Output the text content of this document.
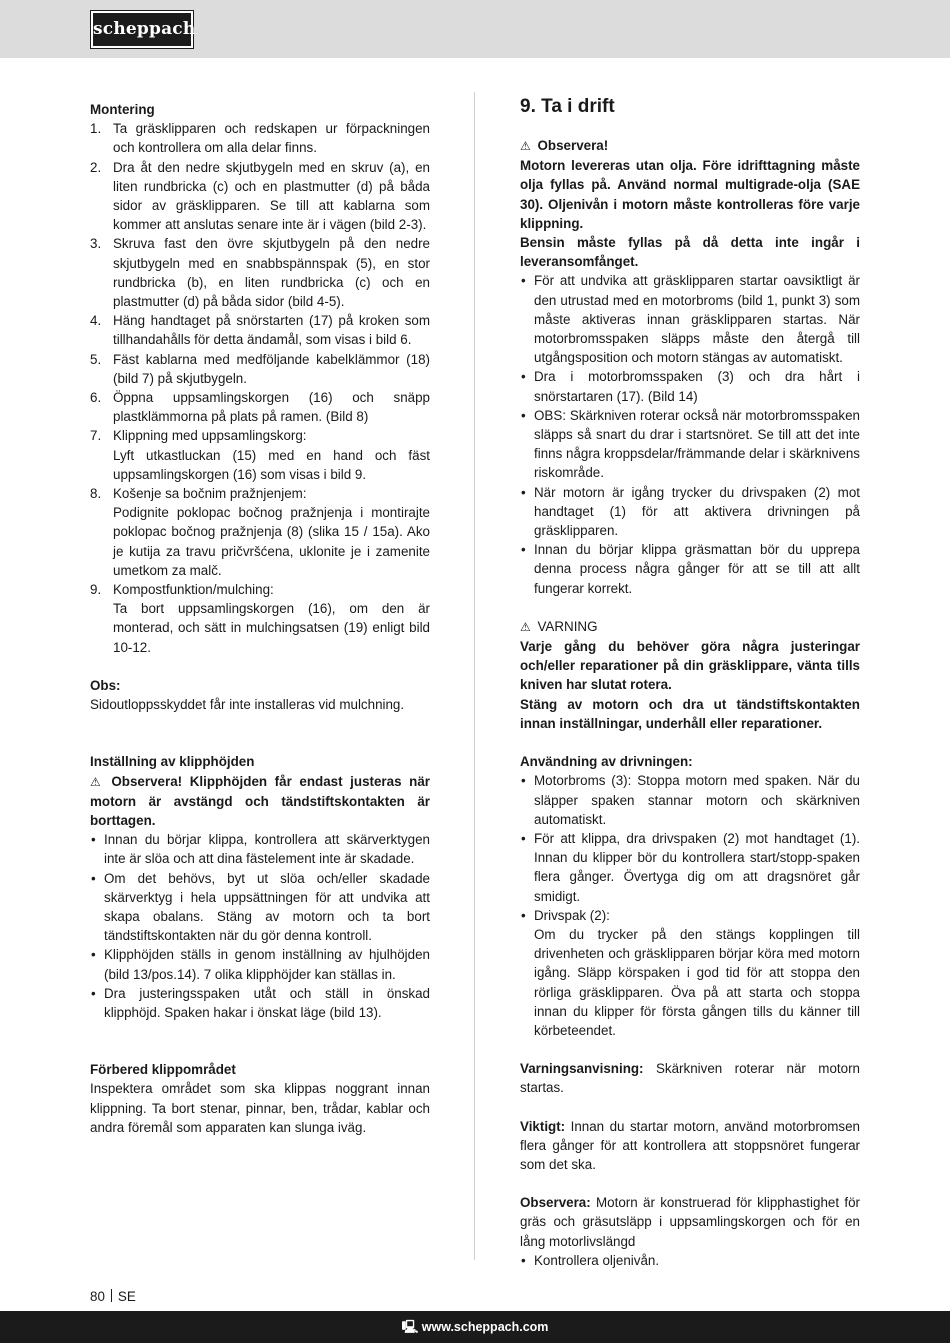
scheppach

Montering

1. Ta gräsklipparen och redskapen ur förpackningen och kontrollera om alla delar finns.
2. Dra åt den nedre skjutbygeln med en skruv (a), en liten rundbricka (c) och en plastmutter (d) på båda sidor av gräsklipparen. Se till att kablarna som kommer att anslutas senare inte är i vägen (bild 2-3).
3. Skruva fast den övre skjutbygeln på den nedre skjutbygeln med en snabbspännspak (5), en stor rundbricka (b), en liten rundbricka (c) och en plastmutter (d) på båda sidor (bild 4-5).
4. Häng handtaget på snörstarten (17) på kroken som tillhandahålls för detta ändamål, som visas i bild 6.
5. Fäst kablarna med medföljande kabelklämmor (18) (bild 7) på skjutbygeln.
6. Öppna uppsamlingskorgen (16) och snäpp plastklämmorna på plats på ramen. (Bild 8)
7. Klippning med uppsamlingskorg:
Lyft utkastluckan (15) med en hand och fäst uppsamlingskorgen (16) som visas i bild 9.
8. Košenje sa bočnim pražnjenjem:
Podignite poklopac bočnog pražnjenja i montirajte poklopac bočnog pražnjenja (8) (slika 15 / 15a). Ako je kutija za travu pričvršćena, uklonite je i zamenite umetkom za malč.
9. Kompostfunktion/mulching:
Ta bort uppsamlingskorgen (16), om den är monterad, och sätt in mulchingsatsen (19) enligt bild 10-12.

Obs:

Sidoutloppsskyddet får inte installeras vid mulchning.

Inställning av klipphöjden

⚠ Observera! Klipphöjden får endast justeras när motorn är avstängd och tändstiftskontakten är borttagen.

• Innan du börjar klippa, kontrollera att skärverktygen inte är slöa och att dina fästelement inte är skadade.
• Om det behövs, byt ut slöa och/eller skadade skärverktyg i hela uppsättningen för att undvika att skapa obalans. Stäng av motorn och ta bort tändstiftskontakten när du gör denna kontroll.
• Klipphöjden ställs in genom inställning av hjulhöjden (bild 13/pos.14). 7 olika klipphöjder kan ställas in.
• Dra justeringsspaken utåt och ställ in önskad klipphöjd. Spaken hakar i önskat läge (bild 13).

Förbered klippområdet

Inspektera området som ska klippas noggrant innan klippning. Ta bort stenar, pinnar, ben, trådar, kablar och andra föremål som apparaten kan slunga iväg.

9. Ta i drift

⚠ Observera!

Motorn levereras utan olja. Före idrifttagning måste olja fyllas på. Använd normal multigrade-olja (SAE 30). Oljenivån i motorn måste kontrolleras före varje klippning.

Bensin måste fyllas på då detta inte ingår i leveransomfånget.

• För att undvika att gräsklipparen startar oavsiktligt är den utrustad med en motorbroms (bild 1, punkt 3) som måste aktiveras innan gräsklipparen startas. När motorbromsspaken släpps måste den återgå till utgångsposition och motorn stängas av automatiskt.
• Dra i motorbromsspaken (3) och dra hårt i snörstartaren (17). (Bild 14)
• OBS: Skärkniven roterar också när motorbromsspaken släpps så snart du drar i startsnöret. Se till att det inte finns några kroppsdelar/främmande delar i skärknivens riskområde.
• När motorn är igång trycker du drivspaken (2) mot handtaget (1) för att aktivera drivningen på gräsklipparen.
• Innan du börjar klippa gräsmattan bör du upprepa denna process några gånger för att se till att allt fungerar korrekt.

⚠ VARNING

Varje gång du behöver göra några justeringar och/eller reparationer på din gräsklippare, vänta tills kniven har slutat rotera.

Stäng av motorn och dra ut tändstiftskontakten innan inställningar, underhåll eller reparationer.

Användning av drivningen:

• Motorbroms (3): Stoppa motorn med spaken. När du släpper spaken stannar motorn och skärkniven automatiskt.
• För att klippa, dra drivspaken (2) mot handtaget (1). Innan du klipper bör du kontrollera start/stopp-spaken flera gånger. Övertyga dig om att dragsnöret går smidigt.
• Drivspak (2):
Om du trycker på den stängs kopplingen till drivenheten och gräsklipparen börjar köra med motorn igång. Släpp körspaken i god tid för att stoppa den rörliga gräsklipparen. Öva på att starta och stoppa innan du klipper för första gången tills du känner till körbeteendet.

Varningsanvisning: Skärkniven roterar när motorn startas.

Viktigt: Innan du startar motorn, använd motorbromsen flera gånger för att kontrollera att stoppsnöret fungerar som det ska.

Observera: Motorn är konstruerad för klipphastighet för gräs och gräsutsläpp i uppsamlingskorgen och för en lång motorlivslängd

• Kontrollera oljenivån.
80 SE
🖳 www.scheppach.com
